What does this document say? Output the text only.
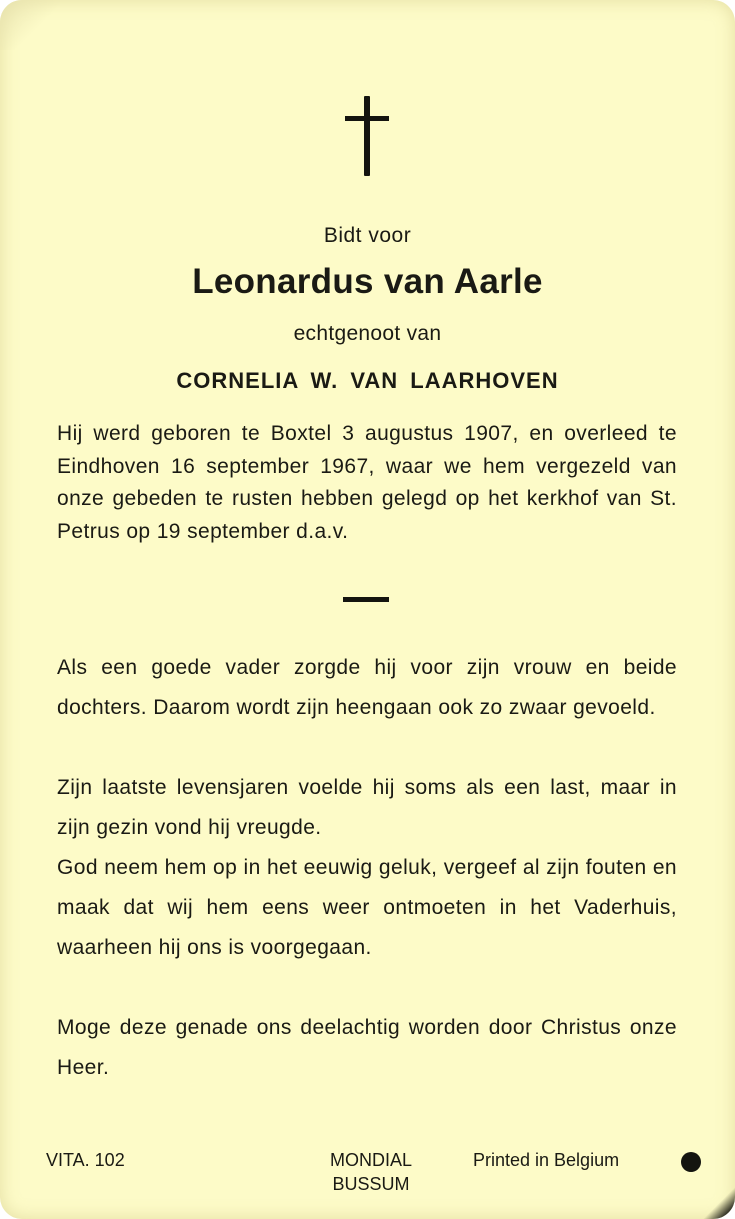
Bidt voor
Leonardus van Aarle
echtgenoot van
CORNELIA W. VAN LAARHOVEN
Hij werd geboren te Boxtel 3 augustus 1907, en overleed te Eindhoven 16 september 1967, waar we hem vergezeld van onze gebeden te rusten hebben gelegd op het kerkhof van St. Petrus op 19 september d.a.v.
Als een goede vader zorgde hij voor zijn vrouw en beide dochters. Daarom wordt zijn heengaan ook zo zwaar gevoeld.
Zijn laatste levensjaren voelde hij soms als een last, maar in zijn gezin vond hij vreugde.
God neem hem op in het eeuwig geluk, vergeef al zijn fouten en maak dat wij hem eens weer ontmoeten in het Vaderhuis, waarheen hij ons is voorgegaan.
Moge deze genade ons deelachtig worden door Christus onze Heer.
VITA. 102	MONDIAL
BUSSUM
Printed in Belgium
